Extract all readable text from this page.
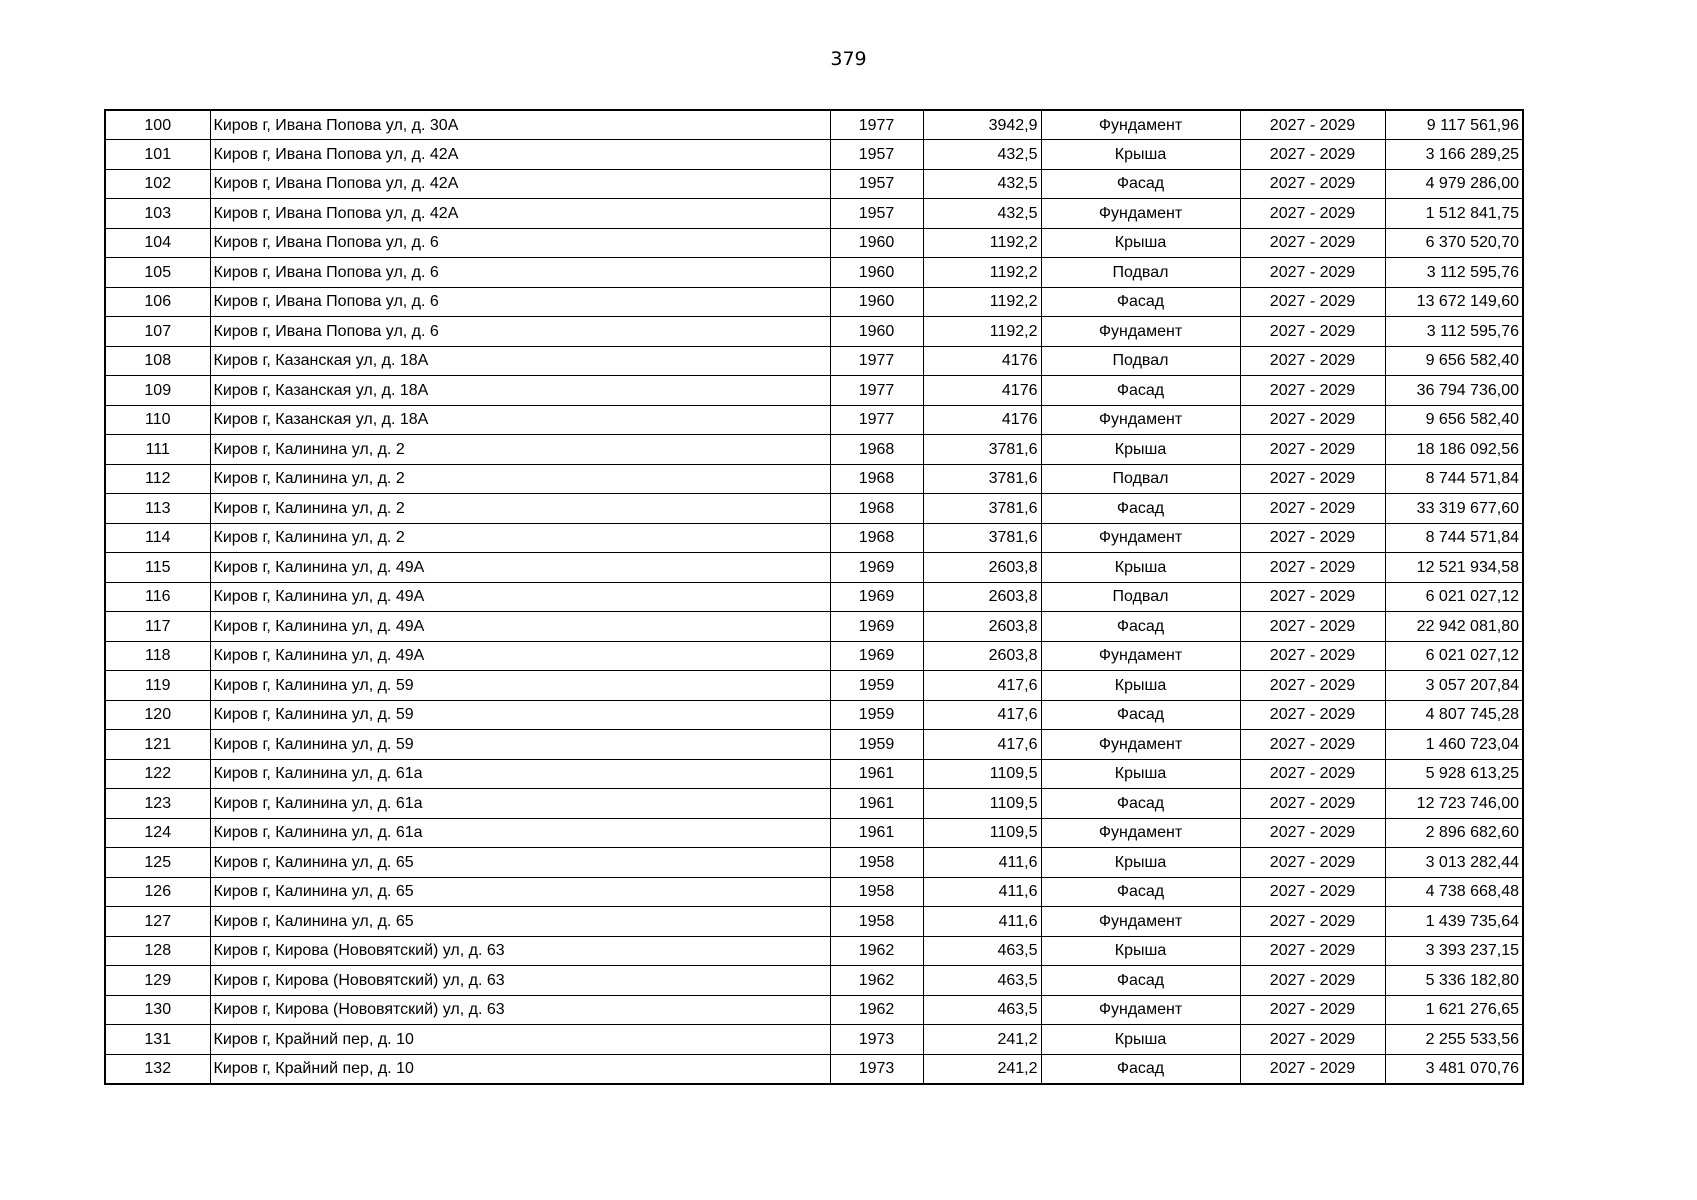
379
100	Киров г, Ивана Попова ул, д. 30А	1977	3942,9	Фундамент	2027 - 2029	9 117 561,96
101	Киров г, Ивана Попова ул, д. 42А	1957	432,5	Крыша	2027 - 2029	3 166 289,25
102	Киров г, Ивана Попова ул, д. 42А	1957	432,5	Фасад	2027 - 2029	4 979 286,00
103	Киров г, Ивана Попова ул, д. 42А	1957	432,5	Фундамент	2027 - 2029	1 512 841,75
104	Киров г, Ивана Попова ул, д. 6	1960	1192,2	Крыша	2027 - 2029	6 370 520,70
105	Киров г, Ивана Попова ул, д. 6	1960	1192,2	Подвал	2027 - 2029	3 112 595,76
106	Киров г, Ивана Попова ул, д. 6	1960	1192,2	Фасад	2027 - 2029	13 672 149,60
107	Киров г, Ивана Попова ул, д. 6	1960	1192,2	Фундамент	2027 - 2029	3 112 595,76
108	Киров г, Казанская ул, д. 18А	1977	4176	Подвал	2027 - 2029	9 656 582,40
109	Киров г, Казанская ул, д. 18А	1977	4176	Фасад	2027 - 2029	36 794 736,00
110	Киров г, Казанская ул, д. 18А	1977	4176	Фундамент	2027 - 2029	9 656 582,40
111	Киров г, Калинина ул, д. 2	1968	3781,6	Крыша	2027 - 2029	18 186 092,56
112	Киров г, Калинина ул, д. 2	1968	3781,6	Подвал	2027 - 2029	8 744 571,84
113	Киров г, Калинина ул, д. 2	1968	3781,6	Фасад	2027 - 2029	33 319 677,60
114	Киров г, Калинина ул, д. 2	1968	3781,6	Фундамент	2027 - 2029	8 744 571,84
115	Киров г, Калинина ул, д. 49А	1969	2603,8	Крыша	2027 - 2029	12 521 934,58
116	Киров г, Калинина ул, д. 49А	1969	2603,8	Подвал	2027 - 2029	6 021 027,12
117	Киров г, Калинина ул, д. 49А	1969	2603,8	Фасад	2027 - 2029	22 942 081,80
118	Киров г, Калинина ул, д. 49А	1969	2603,8	Фундамент	2027 - 2029	6 021 027,12
119	Киров г, Калинина ул, д. 59	1959	417,6	Крыша	2027 - 2029	3 057 207,84
120	Киров г, Калинина ул, д. 59	1959	417,6	Фасад	2027 - 2029	4 807 745,28
121	Киров г, Калинина ул, д. 59	1959	417,6	Фундамент	2027 - 2029	1 460 723,04
122	Киров г, Калинина ул, д. 61а	1961	1109,5	Крыша	2027 - 2029	5 928 613,25
123	Киров г, Калинина ул, д. 61а	1961	1109,5	Фасад	2027 - 2029	12 723 746,00
124	Киров г, Калинина ул, д. 61а	1961	1109,5	Фундамент	2027 - 2029	2 896 682,60
125	Киров г, Калинина ул, д. 65	1958	411,6	Крыша	2027 - 2029	3 013 282,44
126	Киров г, Калинина ул, д. 65	1958	411,6	Фасад	2027 - 2029	4 738 668,48
127	Киров г, Калинина ул, д. 65	1958	411,6	Фундамент	2027 - 2029	1 439 735,64
128	Киров г, Кирова (Нововятский) ул, д. 63	1962	463,5	Крыша	2027 - 2029	3 393 237,15
129	Киров г, Кирова (Нововятский) ул, д. 63	1962	463,5	Фасад	2027 - 2029	5 336 182,80
130	Киров г, Кирова (Нововятский) ул, д. 63	1962	463,5	Фундамент	2027 - 2029	1 621 276,65
131	Киров г, Крайний пер, д. 10	1973	241,2	Крыша	2027 - 2029	2 255 533,56
132	Киров г, Крайний пер, д. 10	1973	241,2	Фасад	2027 - 2029	3 481 070,76
